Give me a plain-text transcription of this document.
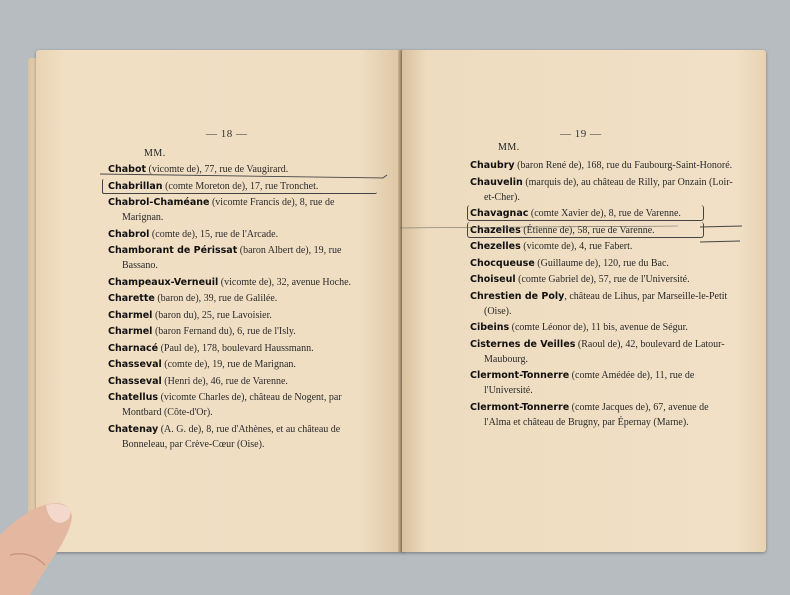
— 18 —
MM.
Chabot (vicomte de), 77, rue de Vaugirard.
Chabrillan (comte Moreton de), 17, rue Tronchet.
Chabrol-Chaméane (vicomte Francis de), 8, rue de Marignan.
Chabrol (comte de), 15, rue de l'Arcade.
Chamborant de Périssat (baron Albert de), 19, rue Bassano.
Champeaux-Verneuil (vicomte de), 32, avenue Hoche.
Charette (baron de), 39, rue de Galilée.
Charmel (baron du), 25, rue Lavoisier.
Charmel (baron Fernand du), 6, rue de l'Isly.
Charnacé (Paul de), 178, boulevard Haussmann.
Chasseval (comte de), 19, rue de Marignan.
Chasseval (Henri de), 46, rue de Varenne.
Chatellus (vicomte Charles de), château de Nogent, par Montbard (Côte-d'Or).
Chatenay (A. G. de), 8, rue d'Athènes, et au château de Bonneleau, par Crève-Cœur (Oise).
— 19 —
MM.
Chaubry (baron René de), 168, rue du Faubourg-Saint-Honoré.
Chauvelin (marquis de), au château de Rilly, par Onzain (Loir-et-Cher).
Chavagnac (comte Xavier de), 8, rue de Varenne.
Chazelles (Étienne de), 58, rue de Varenne.
Chezelles (vicomte de), 4, rue Fabert.
Chocqueuse (Guillaume de), 120, rue du Bac.
Choiseul (comte Gabriel de), 57, rue de l'Université.
Chrestien de Poly, château de Lihus, par Marseille-le-Petit (Oise).
Cibeins (comte Léonor de), 11 bis, avenue de Ségur.
Cisternes de Veilles (Raoul de), 42, boulevard de Latour-Maubourg.
Clermont-Tonnerre (comte Amédée de), 11, rue de l'Université.
Clermont-Tonnerre (comte Jacques de), 67, avenue de l'Alma et château de Brugny, par Épernay (Marne).
